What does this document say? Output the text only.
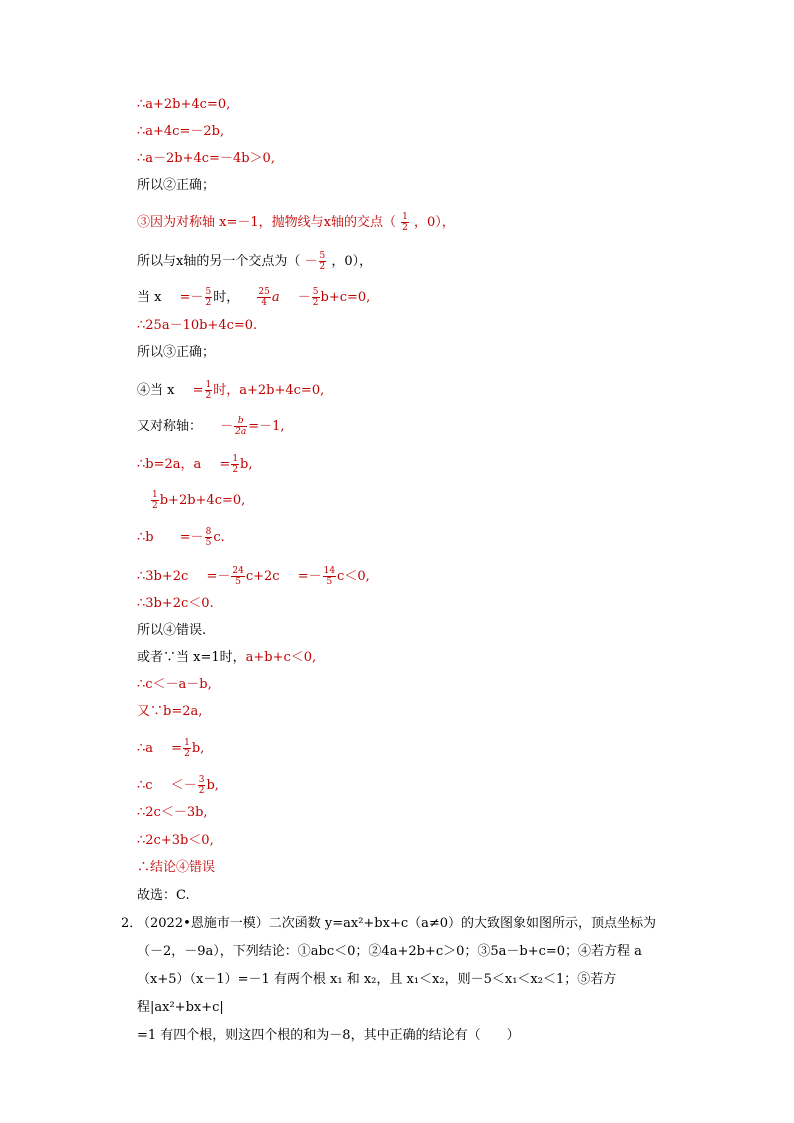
∴a+2b+4c=0,
∴a+4c=－2b,
∴a－2b+4c=－4b＞0,
所以②正确；
③因为对称轴 x=－1，抛物线与x轴的交点（ $\frac{1}{2}$ ，0），
所以与x轴的另一个交点为（ － $\frac{5}{2}$ ，0），
当 $x =- \frac{5}{2}$ 时， $\frac{25}{4}$ $a - \frac{5}{2} b+c=0$,
∴25a－10b+4c=0.
所以③正确；
④当 $x = \frac{1}{2}$ 时，a+2b+4c=0,
又对称轴： － $\frac{b}{2a} =-1$,
∴b=2a，$a = \frac{1}{2} b$,
$\frac{1}{2} b+2b+4c=0$,
∴b =－ $\frac{8}{5} c$.
∴3b+2c =－ $\frac{24}{5} c+2c =- \frac{14}{5} c<0$,
∴3b+2c＜0.
所以④错误.
或者∵当 x=1时，a+b+c＜0,
∴c＜－a－b,
又∵b=2a,
∴a = $\frac{1}{2} b$,
∴c ＜－ $\frac{3}{2} b$,
∴2c＜－3b,
∴2c+3b＜0,
∴结论④错误
故选：C.
2．
（2022•恩施市一模）二次函数 y=ax²+bx+c（a≠0）的大致图象如图所示，顶点坐标为
（－2，－9a），下列结论：①abc＜0；②4a+2b+c＞0；③5a－b+c=0；④若方程 a
（x+5）（x－1）=－1 有两个根 x₁ 和 x₂，且 x₁＜x₂，则－5＜x₁＜x₂＜1；⑤若方程|ax²+bx+c|
=1 有四个根，则这四个根的和为－8，其中正确的结论有（　　）
